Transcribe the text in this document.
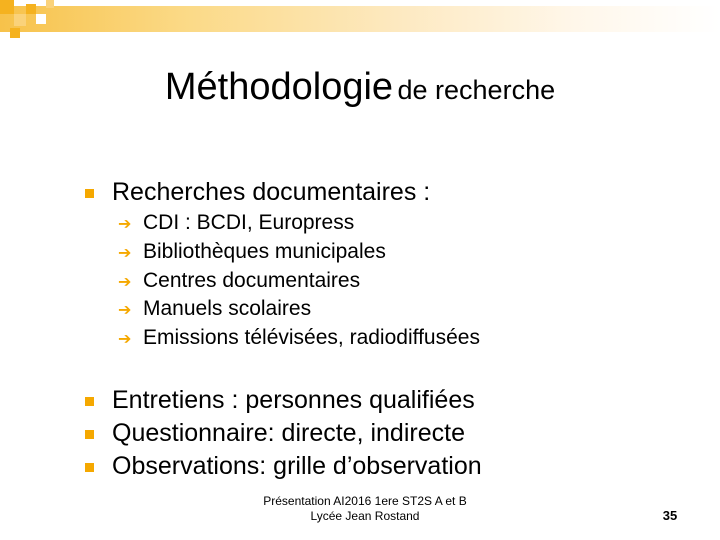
Méthodologie de recherche
Recherches documentaires :
➔ CDI : BCDI, Europress
➔ Bibliothèques municipales
➔ Centres documentaires
➔ Manuels scolaires
➔ Emissions télévisées, radiodiffusées
Entretiens : personnes qualifiées
Questionnaire: directe, indirecte
Observations: grille d’observation
Présentation AI2016 1ere ST2S A et B
Lycée Jean Rostand	35
